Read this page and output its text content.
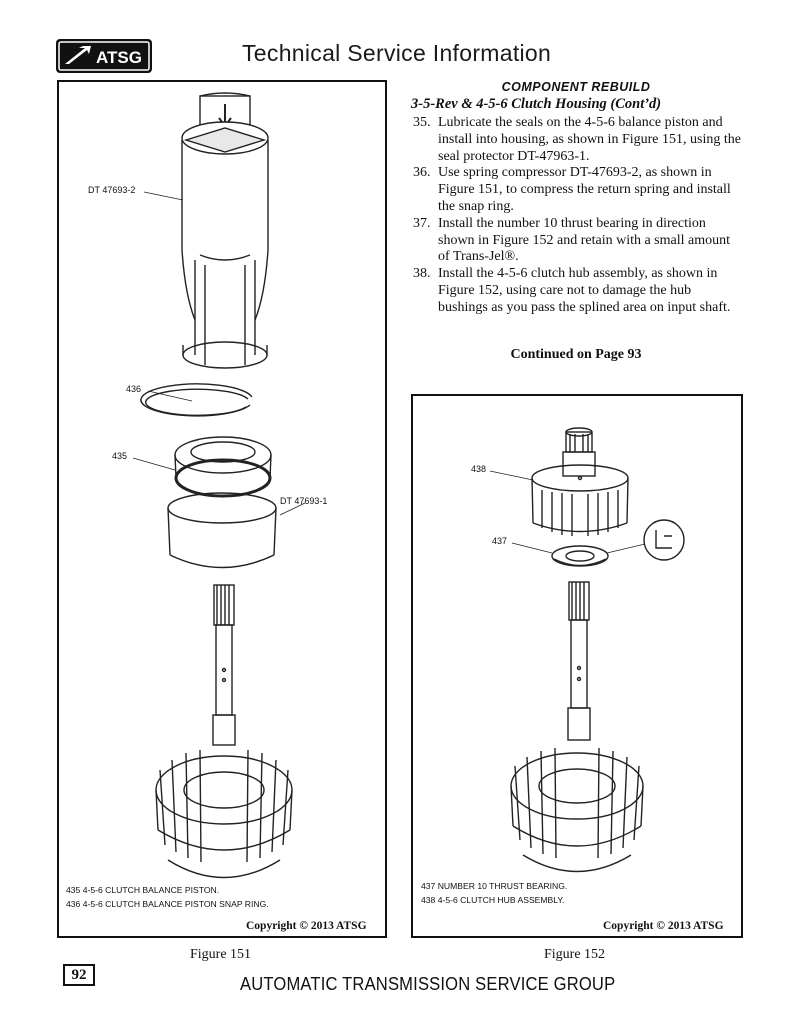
ATSG	Technical Service Information
DT 47693-2
436
435
DT 47693-1
435 4-5-6 CLUTCH BALANCE PISTON.
436 4-5-6 CLUTCH BALANCE PISTON SNAP RING.
Copyright © 2013 ATSG
Figure 151
COMPONENT REBUILD
3-5-Rev & 4-5-6 Clutch Housing (Cont’d)
35. Lubricate the seals on the 4-5-6 balance piston and install into housing, as shown in Figure 151, using the seal protector DT-47963-1.
36. Use spring compressor DT-47693-2, as shown in Figure 151, to compress the return spring and install the snap ring.
37. Install the number 10 thrust bearing in direction shown in Figure 152 and retain with a small amount of Trans-Jel®.
38. Install the 4-5-6 clutch hub assembly, as shown in Figure 152, using care not to damage the hub bushings as you pass the splined area on input shaft.
Continued on Page 93
438
437
437 NUMBER 10 THRUST BEARING.
438 4-5-6 CLUTCH HUB ASSEMBLY.
Copyright © 2013 ATSG
Figure 152
92	AUTOMATIC TRANSMISSION SERVICE GROUP
